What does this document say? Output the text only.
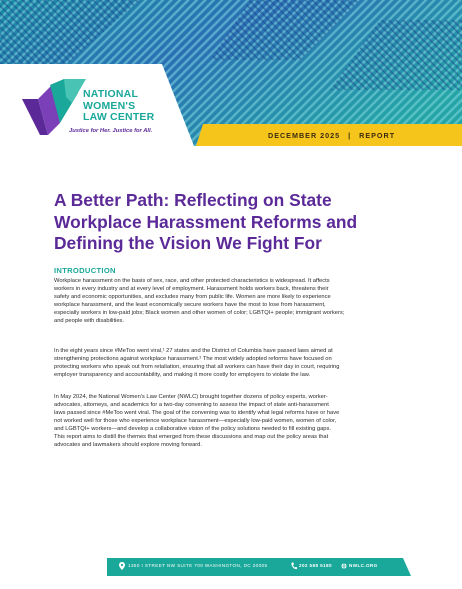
NATIONAL
WOMEN'S
LAW CENTER
Justice for Her. Justice for All.	DECEMBER 2025 | REPORT
A Better Path: Reflecting on State
Workplace Harassment Reforms and
Defining the Vision We Fight For
INTRODUCTION
Workplace harassment on the basis of sex, race, and other protected characteristics is widespread. It affects
workers in every industry and at every level of employment. Harassment holds workers back, threatens their
safety and economic opportunities, and excludes many from public life. Women are more likely to experience
workplace harassment, and the least economically secure workers have the most to lose from harassment,
especially workers in low-paid jobs; Black women and other women of color; LGBTQI+ people; immigrant workers;
and people with disabilities.
In the eight years since #MeToo went viral,¹ 27 states and the District of Columbia have passed laws aimed at
strengthening protections against workplace harassment.² The most widely adopted reforms have focused on
protecting workers who speak out from retaliation, ensuring that all workers can have their day in court, requiring
employer transparency and accountability, and making it more costly for employers to violate the law.
In May 2024, the National Women's Law Center (NWLC) brought together dozens of policy experts, worker-
advocates, attorneys, and academics for a two-day convening to assess the impact of state anti-harassment
laws passed since #MeToo went viral. The goal of the convening was to identify what legal reforms have or have
not worked well for those who experience workplace harassment—especially low-paid women, women of color,
and LGBTQI+ workers—and develop a collaborative vision of the policy solutions needed to fill existing gaps.
This report aims to distill the themes that emerged from these discussions and map out the policy areas that
advocates and lawmakers should explore moving forward.
1350 I STREET NW SUITE 700 WASHINGTON, DC 20005	202 588 5180	NWLC.ORG
